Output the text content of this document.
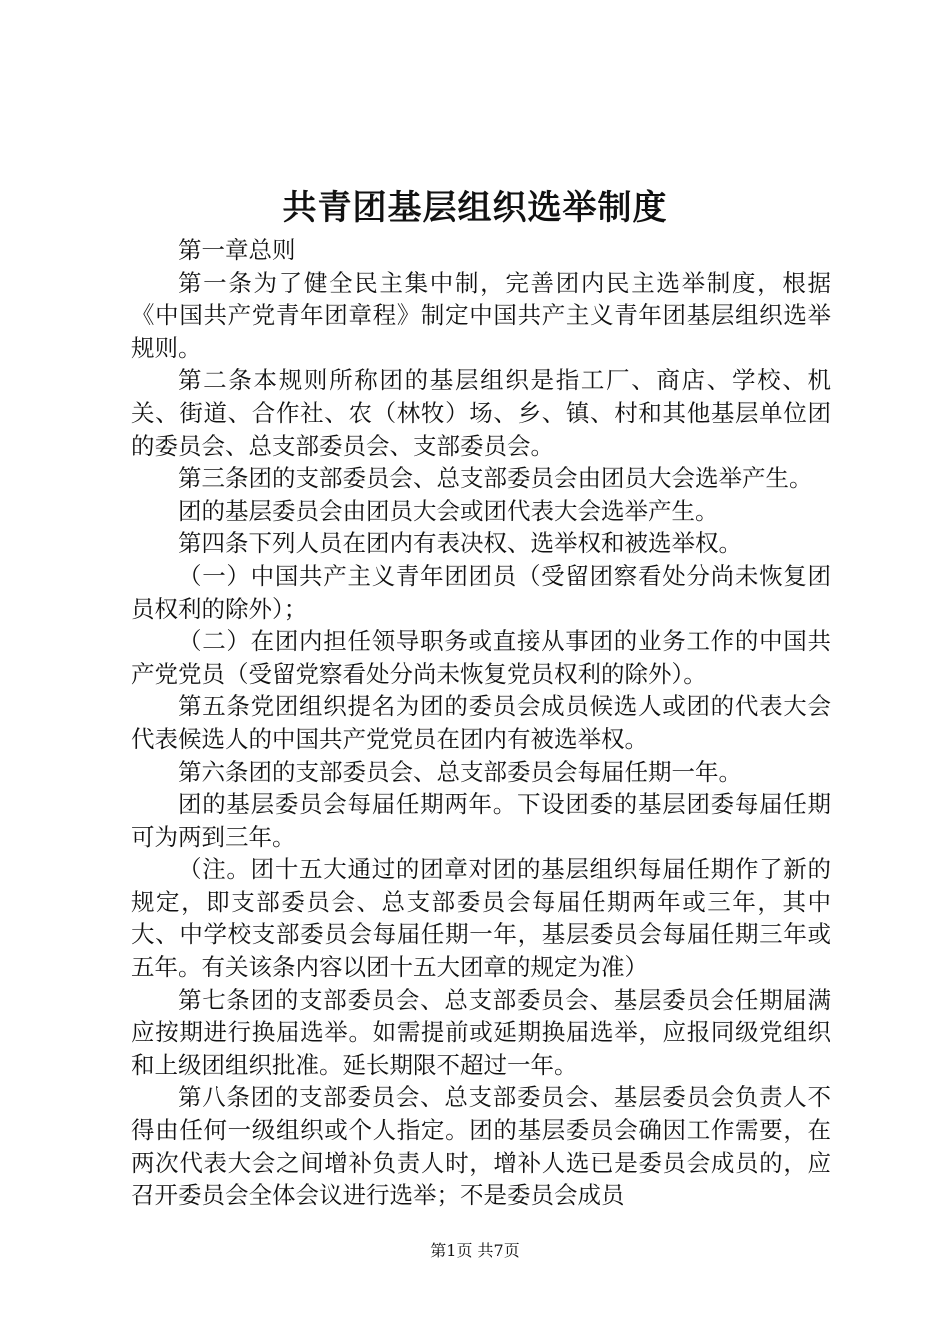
共青团基层组织选举制度

第一章总则

第一条为了健全民主集中制，完善团内民主选举制度，根据《中国共产党青年团章程》制定中国共产主义青年团基层组织选举规则。

第二条本规则所称团的基层组织是指工厂、商店、学校、机关、街道、合作社、农（林牧）场、乡、镇、村和其他基层单位团的委员会、总支部委员会、支部委员会。

第三条团的支部委员会、总支部委员会由团员大会选举产生。

团的基层委员会由团员大会或团代表大会选举产生。

第四条下列人员在团内有表决权、选举权和被选举权。

（一）中国共产主义青年团团员（受留团察看处分尚未恢复团员权利的除外）；

（二）在团内担任领导职务或直接从事团的业务工作的中国共产党党员（受留党察看处分尚未恢复党员权利的除外）。

第五条党团组织提名为团的委员会成员候选人或团的代表大会代表候选人的中国共产党党员在团内有被选举权。

第六条团的支部委员会、总支部委员会每届任期一年。

团的基层委员会每届任期两年。下设团委的基层团委每届任期可为两到三年。

（注。团十五大通过的团章对团的基层组织每届任期作了新的规定，即支部委员会、总支部委员会每届任期两年或三年，其中大、中学校支部委员会每届任期一年，基层委员会每届任期三年或五年。有关该条内容以团十五大团章的规定为准）

第七条团的支部委员会、总支部委员会、基层委员会任期届满应按期进行换届选举。如需提前或延期换届选举，应报同级党组织和上级团组织批准。延长期限不超过一年。

第八条团的支部委员会、总支部委员会、基层委员会负责人不得由任何一级组织或个人指定。团的基层委员会确因工作需要，在两次代表大会之间增补负责人时，增补人选已是委员会成员的，应召开委员会全体会议进行选举；不是委员会成员

第1页 共7页
